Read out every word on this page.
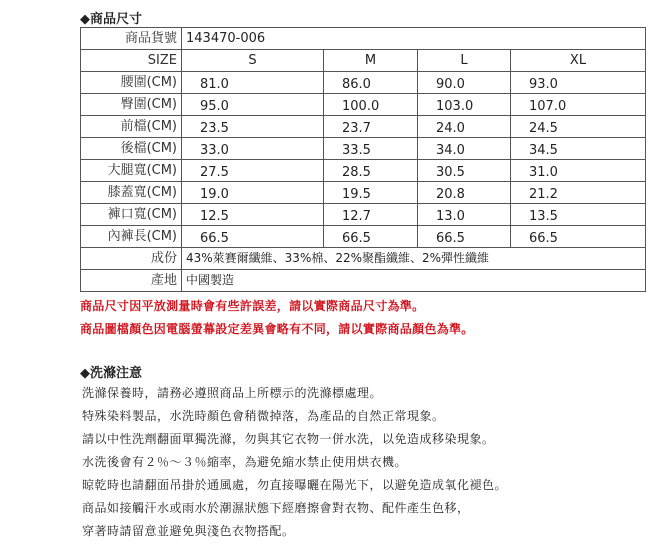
◆商品尺寸
商品貨號	143470-006			
SIZE	S	M	L	XL
腰圍(CM)	81.0	86.0	90.0	93.0
臀圍(CM)	95.0	100.0	103.0	107.0
前檔(CM)	23.5	23.7	24.0	24.5
後檔(CM)	33.0	33.5	34.0	34.5
大腿寬(CM)	27.5	28.5	30.5	31.0
膝蓋寬(CM)	19.0	19.5	20.8	21.2
褲口寬(CM)	12.5	12.7	13.0	13.5
內褲長(CM)	66.5	66.5	66.5	66.5
成份	43%萊賽爾纖維、33%棉、22%聚酯纖維、2%彈性纖維			
產地	中國製造			
商品尺寸因平放測量時會有些許誤差，請以實際商品尺寸為準。
商品圖檔顏色因電腦螢幕設定差異會略有不同，請以實際商品顏色為準。
◆洗滌注意
洗滌保養時，請務必遵照商品上所標示的洗滌標處理。
特殊染料製品，水洗時顏色會稍微掉落，為產品的自然正常現象。
請以中性洗劑翻面單獨洗滌，勿與其它衣物一併水洗，以免造成移染現象。
水洗後會有２％～３％縮率，為避免縮水禁止使用烘衣機。
晾乾時也請翻面吊掛於通風處，勿直接曝曬在陽光下，以避免造成氧化褪色。
商品如接觸汗水或雨水於潮濕狀態下經磨擦會對衣物、配件產生色移，
穿著時請留意並避免與淺色衣物搭配。
